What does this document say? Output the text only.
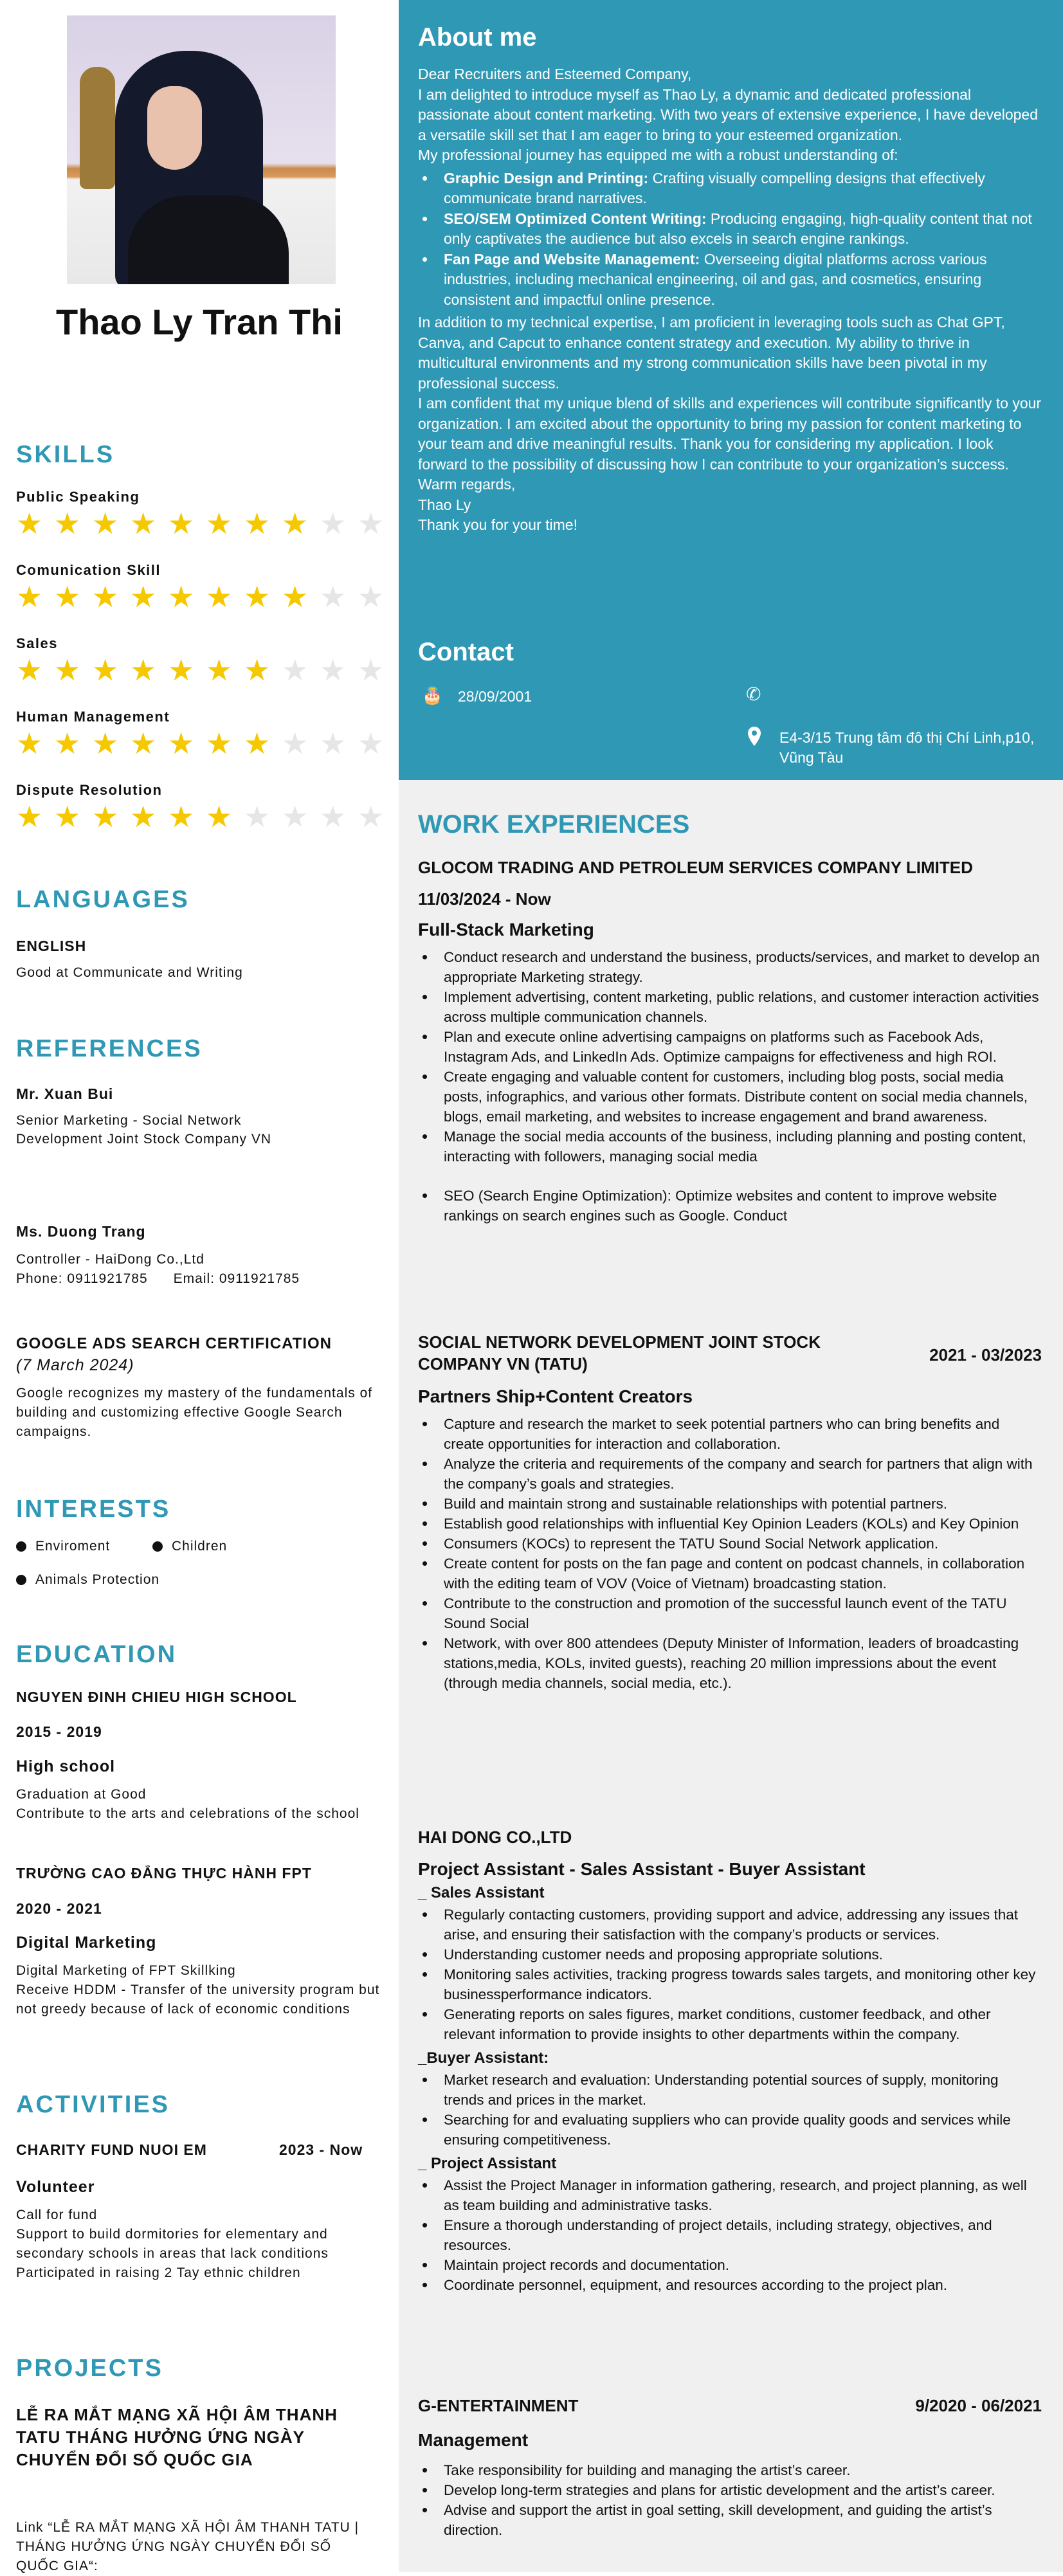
Thao Ly Tran Thi
SKILLS
Public Speaking
★ ★ ★ ★ ★ ★ ★ ★ ★ ★
Comunication Skill
★ ★ ★ ★ ★ ★ ★ ★ ★ ★
Sales
★ ★ ★ ★ ★ ★ ★ ★ ★ ★
Human Management
★ ★ ★ ★ ★ ★ ★ ★ ★ ★
Dispute Resolution
★ ★ ★ ★ ★ ★ ★ ★ ★ ★
LANGUAGES
ENGLISH
Good at Communicate and Writing
REFERENCES
Mr. Xuan Bui
Senior Marketing - Social Network
Development Joint Stock Company VN
Ms. Duong Trang
Controller - HaiDong Co.,Ltd
Phone: 0911921785 Email: 0911921785
GOOGLE ADS SEARCH CERTIFICATION
(7 March 2024)
Google recognizes my mastery of the fundamentals of building and customizing effective Google Search campaigns.
INTERESTS
Enviroment	Children
Animals Protection
EDUCATION
NGUYEN ĐINH CHIEU HIGH SCHOOL
2015 - 2019
High school
Graduation at Good
Contribute to the arts and celebrations of the school
TRƯỜNG CAO ĐẲNG THỰC HÀNH FPT
2020 - 2021
Digital Marketing
Digital Marketing of FPT Skillking
Receive HDDM - Transfer of the university program but not greedy because of lack of economic conditions
ACTIVITIES
CHARITY FUND NUOI EM	2023 - Now
Volunteer
Call for fund
Support to build dormitories for elementary and secondary schools in areas that lack conditions
Participated in raising 2 Tay ethnic children
PROJECTS
LỄ RA MẮT MẠNG XÃ HỘI ÂM THANH TATU THÁNG HƯỞNG ỨNG NGÀY CHUYỂN ĐỔI SỐ QUỐC GIA
Link “LỄ RA MẮT MẠNG XÃ HỘI ÂM THANH TATU | THÁNG HƯỞNG ỨNG NGÀY CHUYỂN ĐỔI SỐ QUỐC GIA“:
About me
Dear Recruiters and Esteemed Company,
I am delighted to introduce myself as Thao Ly, a dynamic and dedicated professional passionate about content marketing. With two years of extensive experience, I have developed a versatile skill set that I am eager to bring to your esteemed organization.
My professional journey has equipped me with a robust understanding of:
• Graphic Design and Printing: Crafting visually compelling designs that effectively communicate brand narratives.
• SEO/SEM Optimized Content Writing: Producing engaging, high-quality content that not only captivates the audience but also excels in search engine rankings.
• Fan Page and Website Management: Overseeing digital platforms across various industries, including mechanical engineering, oil and gas, and cosmetics, ensuring consistent and impactful online presence.
In addition to my technical expertise, I am proficient in leveraging tools such as Chat GPT, Canva, and Capcut to enhance content strategy and execution. My ability to thrive in multicultural environments and my strong communication skills have been pivotal in my professional success.
I am confident that my unique blend of skills and experiences will contribute significantly to your organization. I am excited about the opportunity to bring my passion for content marketing to your team and drive meaningful results. Thank you for considering my application. I look forward to the possibility of discussing how I can contribute to your organization’s success.
Warm regards,
Thao Ly
Thank you for your time!
Contact
🎂 28/09/2001	✆
E4-3/15 Trung tâm đô thị Chí Linh,p10, Vũng Tàu
WORK EXPERIENCES
GLOCOM TRADING AND PETROLEUM SERVICES COMPANY LIMITED
11/03/2024 - Now
Full-Stack Marketing
• Conduct research and understand the business, products/services, and market to develop an appropriate Marketing strategy.
• Implement advertising, content marketing, public relations, and customer interaction activities across multiple communication channels.
• Plan and execute online advertising campaigns on platforms such as Facebook Ads, Instagram Ads, and LinkedIn Ads. Optimize campaigns for effectiveness and high ROI.
• Create engaging and valuable content for customers, including blog posts, social media posts, infographics, and various other formats. Distribute content on social media channels, blogs, email marketing, and websites to increase engagement and brand awareness.
• Manage the social media accounts of the business, including planning and posting content, interacting with followers, managing social media
• SEO (Search Engine Optimization): Optimize websites and content to improve website rankings on search engines such as Google. Conduct
SOCIAL NETWORK DEVELOPMENT JOINT STOCK COMPANY VN (TATU)	2021 - 03/2023
Partners Ship+Content Creators
• Capture and research the market to seek potential partners who can bring benefits and create opportunities for interaction and collaboration.
• Analyze the criteria and requirements of the company and search for partners that align with the company’s goals and strategies.
• Build and maintain strong and sustainable relationships with potential partners.
• Establish good relationships with influential Key Opinion Leaders (KOLs) and Key Opinion
• Consumers (KOCs) to represent the TATU Sound Social Network application.
• Create content for posts on the fan page and content on podcast channels, in collaboration with the editing team of VOV (Voice of Vietnam) broadcasting station.
• Contribute to the construction and promotion of the successful launch event of the TATU Sound Social
• Network, with over 800 attendees (Deputy Minister of Information, leaders of broadcasting stations,media, KOLs, invited guests), reaching 20 million impressions about the event (through media channels, social media, etc.).
HAI DONG CO.,LTD
Project Assistant - Sales Assistant - Buyer Assistant
_ Sales Assistant
• Regularly contacting customers, providing support and advice, addressing any issues that arise, and ensuring their satisfaction with the company’s products or services.
• Understanding customer needs and proposing appropriate solutions.
• Monitoring sales activities, tracking progress towards sales targets, and monitoring other key businessperformance indicators.
• Generating reports on sales figures, market conditions, customer feedback, and other relevant information to provide insights to other departments within the company.
_Buyer Assistant:
• Market research and evaluation: Understanding potential sources of supply, monitoring trends and prices in the market.
• Searching for and evaluating suppliers who can provide quality goods and services while ensuring competitiveness.
_ Project Assistant
• Assist the Project Manager in information gathering, research, and project planning, as well as team building and administrative tasks.
• Ensure a thorough understanding of project details, including strategy, objectives, and resources.
• Maintain project records and documentation.
• Coordinate personnel, equipment, and resources according to the project plan.
G-ENTERTAINMENT	9/2020 - 06/2021
Management
• Take responsibility for building and managing the artist’s career.
• Develop long-term strategies and plans for artistic development and the artist’s career.
• Advise and support the artist in goal setting, skill development, and guiding the artist’s direction.
